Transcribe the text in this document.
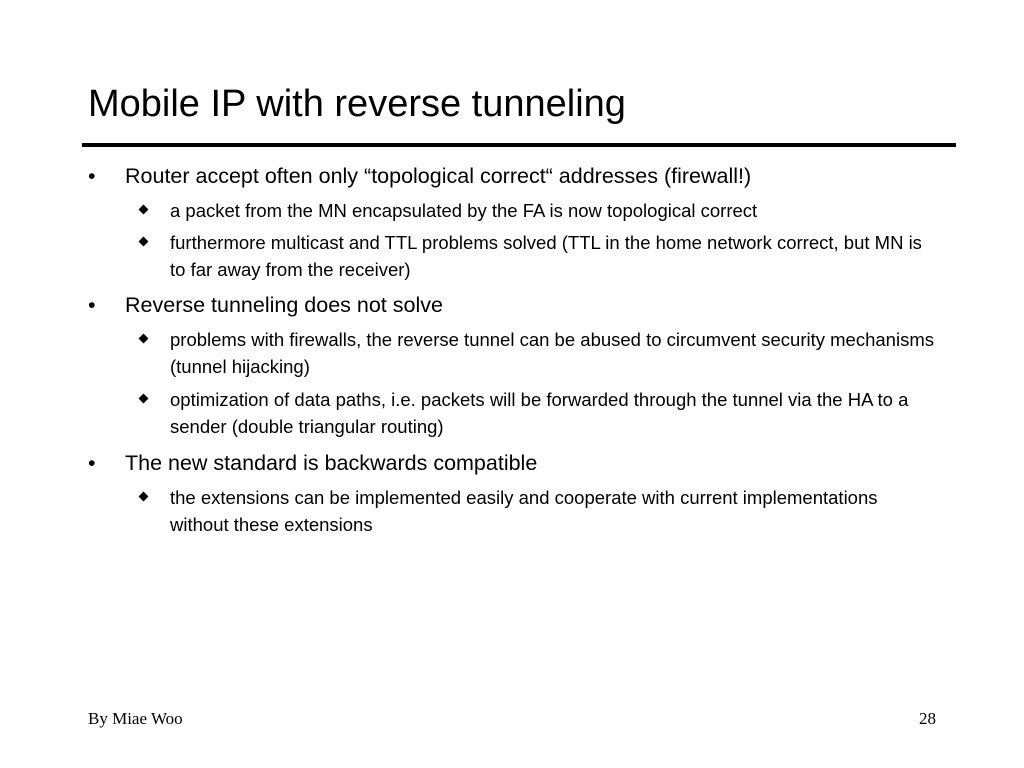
Mobile IP with reverse tunneling
• Router accept often only “topological correct“ addresses (firewall!)
a packet from the MN encapsulated by the FA is now topological correct
furthermore multicast and TTL problems solved (TTL in the home network correct, but MN is to far away from the receiver)
• Reverse tunneling does not solve
problems with firewalls, the reverse tunnel can be abused to circumvent security mechanisms (tunnel hijacking)
optimization of data paths, i.e. packets will be forwarded through the tunnel via the HA to a sender (double triangular routing)
• The new standard is backwards compatible
the extensions can be implemented easily and cooperate with current implementations without these extensions
By Miae Woo	28
